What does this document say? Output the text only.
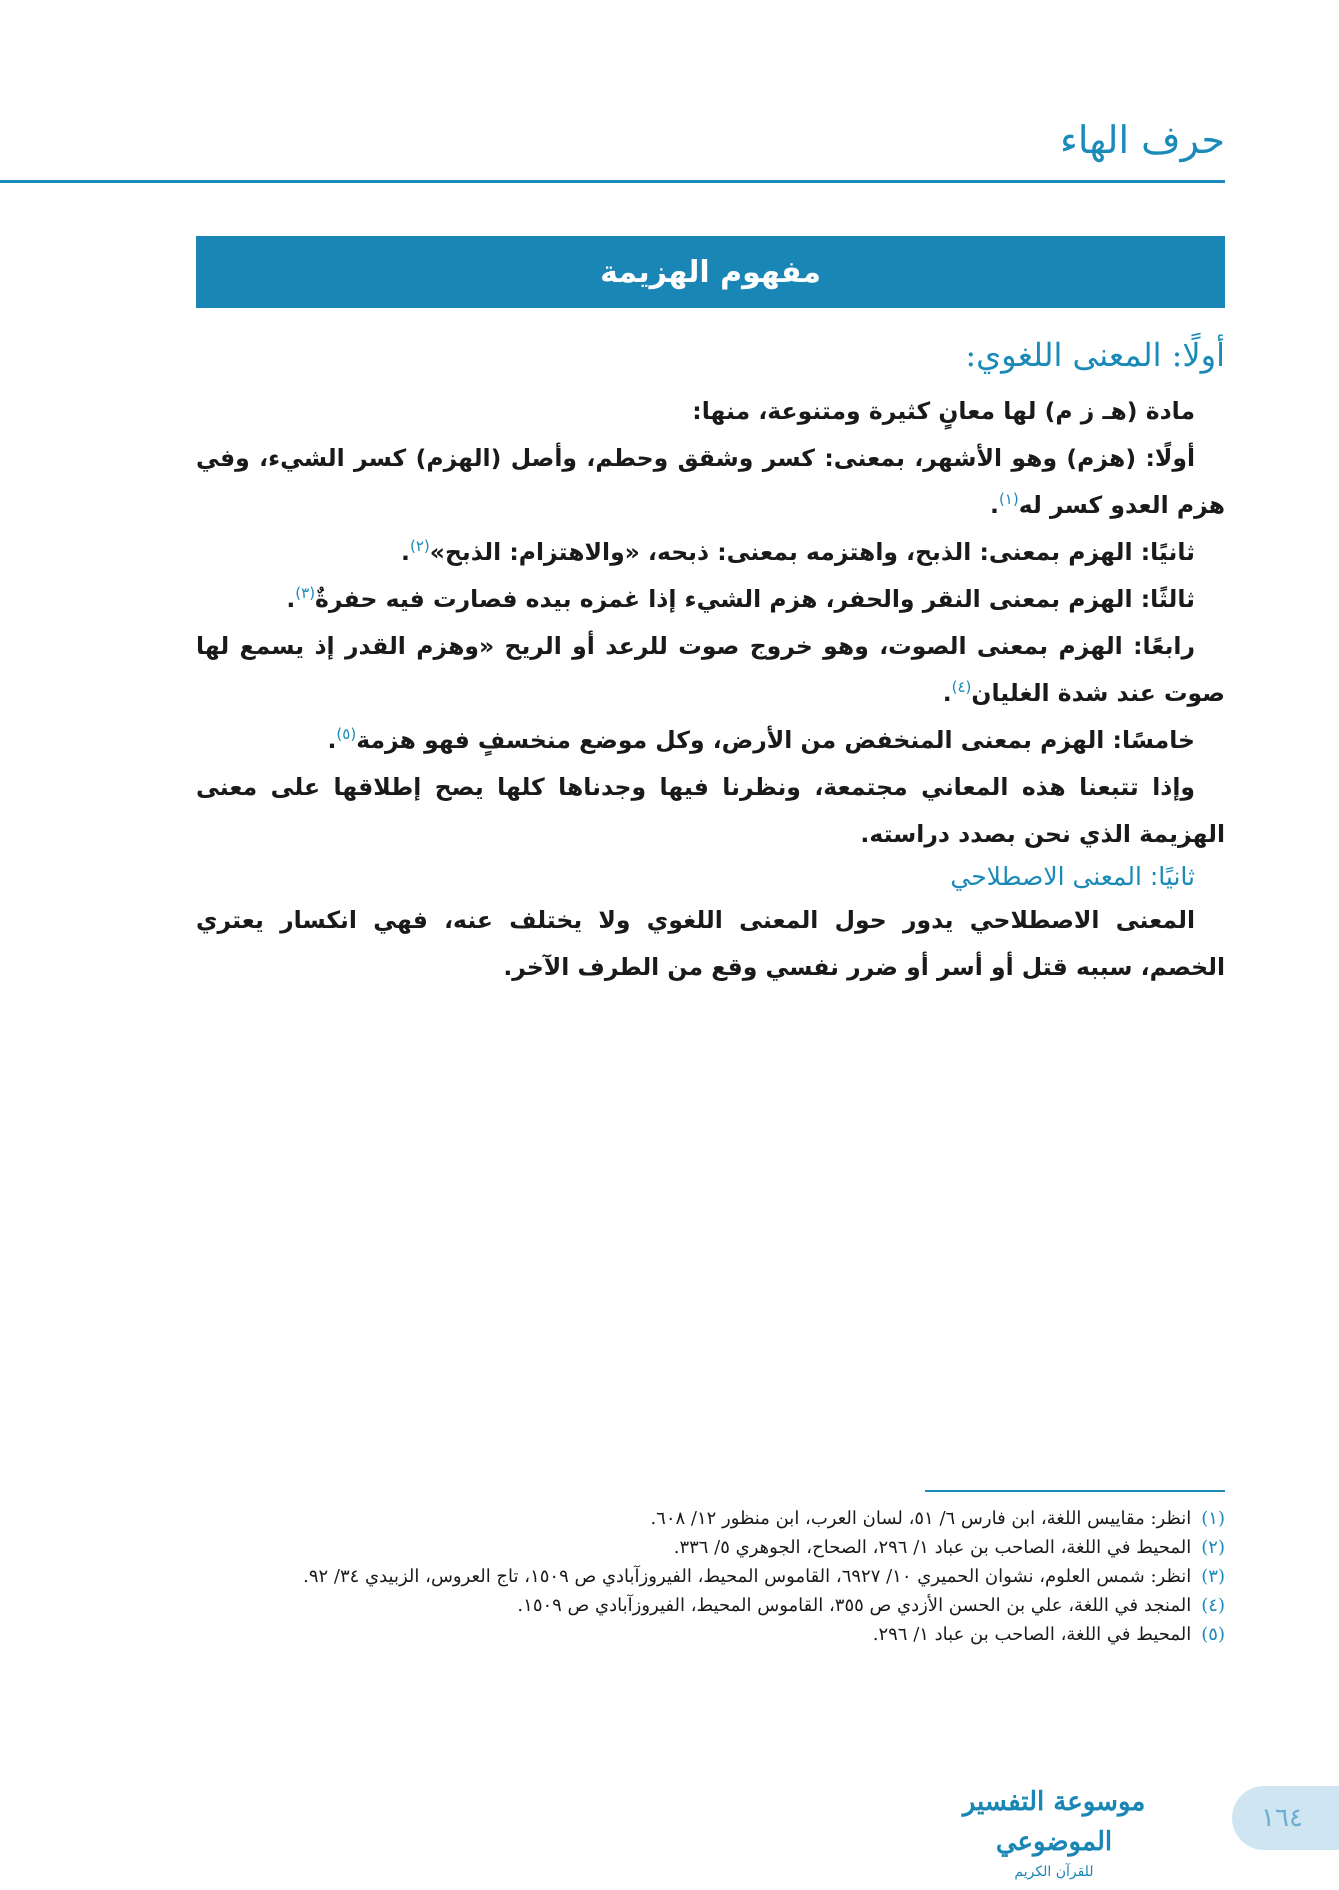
حرف الهاء
مفهوم الهزيمة
أولًا: المعنى اللغوي:

مادة (هـ ز م) لها معانٍ كثيرة ومتنوعة، منها:

أولًا: (هزم) وهو الأشهر، بمعنى: كسر وشقق وحطم، وأصل (الهزم) كسر الشيء، وفي هزم العدو كسر له$^{(١)}$.

ثانيًا: الهزم بمعنى: الذبح، واهتزمه بمعنى: ذبحه، «والاهتزام: الذبح»$^{(٢)}$.

ثالثًا: الهزم بمعنى النقر والحفر، هزم الشيء إذا غمزه بيده فصارت فيه حفرةٌ$^{(٣)}$.

رابعًا: الهزم بمعنى الصوت، وهو خروج صوت للرعد أو الريح «وهزم القدر إذ يسمع لها صوت عند شدة الغليان$^{(٤)}$.

خامسًا: الهزم بمعنى المنخفض من الأرض، وكل موضع منخسفٍ فهو هزمة$^{(٥)}$.

وإذا تتبعنا هذه المعاني مجتمعة، ونظرنا فيها وجدناها كلها يصح إطلاقها على معنى الهزيمة الذي نحن بصدد دراسته.

ثانيًا: المعنى الاصطلاحي

المعنى الاصطلاحي يدور حول المعنى اللغوي ولا يختلف عنه، فهي انكسار يعتري الخصم، سببه قتل أو أسر أو ضرر نفسي وقع من الطرف الآخر.

(١)
انظر: مقاييس اللغة، ابن فارس ٦/ ٥١، لسان العرب، ابن منظور ١٢/ ٦٠٨.
(٢)
المحيط في اللغة، الصاحب بن عباد ١/ ٢٩٦، الصحاح، الجوهري ٥/ ٣٣٦.
(٣)
انظر: شمس العلوم، نشوان الحميري ١٠/ ٦٩٢٧، القاموس المحيط، الفيروزآبادي ص ١٥٠٩، تاج العروس، الزبيدي ٣٤/ ٩٢.
(٤)
المنجد في اللغة، علي بن الحسن الأزدي ص ٣٥٥، القاموس المحيط، الفيروزآبادي ص ١٥٠٩.
(٥)
المحيط في اللغة، الصاحب بن عباد ١/ ٢٩٦.
موسوعة التفسير الموضوعي
للقرآن الكريم
١٦٤
